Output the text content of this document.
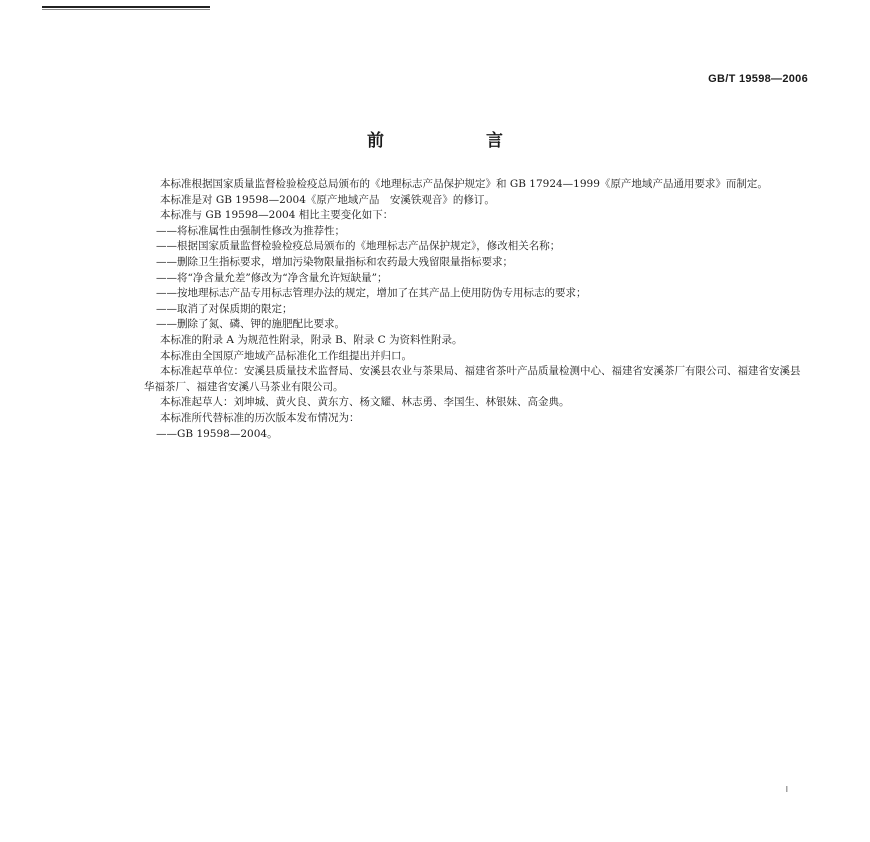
GB/T 19598—2006
前 言

本标准根据国家质量监督检验检疫总局颁布的《地理标志产品保护规定》和 GB 17924—1999《原产地域产品通用要求》而制定。

本标准是对 GB 19598—2004《原产地域产品　安溪铁观音》的修订。

本标准与 GB 19598—2004 相比主要变化如下：

——将标准属性由强制性修改为推荐性；

——根据国家质量监督检验检疫总局颁布的《地理标志产品保护规定》，修改相关名称；

——删除卫生指标要求，增加污染物限量指标和农药最大残留限量指标要求；

——将“净含量允差”修改为“净含量允许短缺量”；

——按地理标志产品专用标志管理办法的规定，增加了在其产品上使用防伪专用标志的要求；

——取消了对保质期的限定；

——删除了氮、磷、钾的施肥配比要求。

本标准的附录 A 为规范性附录，附录 B、附录 C 为资料性附录。

本标准由全国原产地域产品标准化工作组提出并归口。

本标准起草单位：安溪县质量技术监督局、安溪县农业与茶果局、福建省茶叶产品质量检测中心、福建省安溪茶厂有限公司、福建省安溪县华福茶厂、福建省安溪八马茶业有限公司。

本标准起草人：刘坤城、黄火良、黄东方、杨文耀、林志勇、李国生、林银妹、高金典。

本标准所代替标准的历次版本发布情况为：

——GB 19598—2004。

I
